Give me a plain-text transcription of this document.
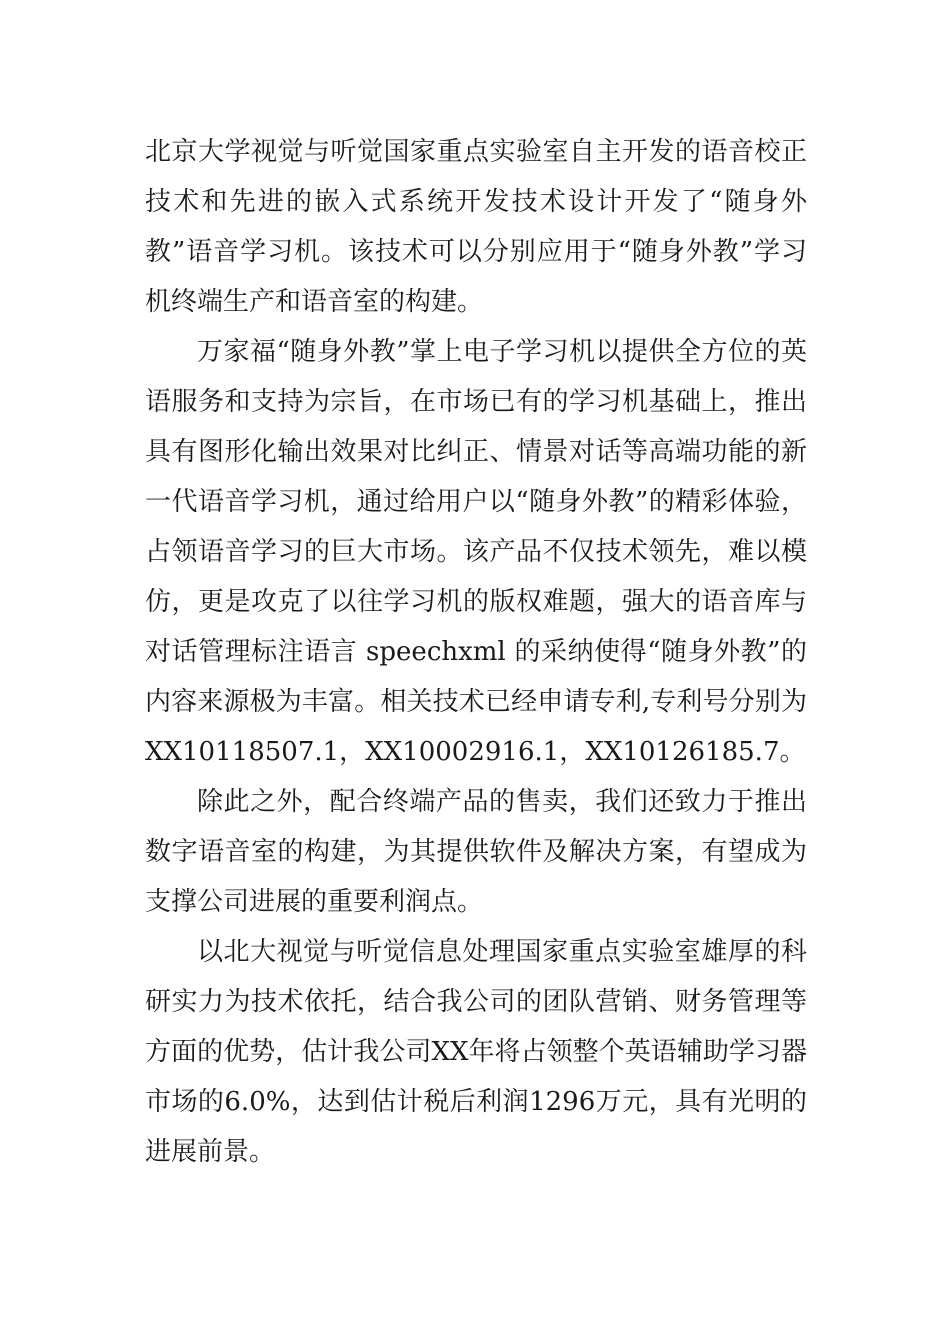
北京大学视觉与听觉国家重点实验室自主开发的语音校正技术和先进的嵌入式系统开发技术设计开发了“随身外教”语音学习机。该技术可以分别应用于“随身外教”学习机终端生产和语音室的构建。

万家福“随身外教”掌上电子学习机以提供全方位的英语服务和支持为宗旨，在市场已有的学习机基础上，推出具有图形化输出效果对比纠正、情景对话等高端功能的新一代语音学习机，通过给用户以“随身外教”的精彩体验，占领语音学习的巨大市场。该产品不仅技术领先，难以模仿，更是攻克了以往学习机的版权难题，强大的语音库与对话管理标注语言 speechxml 的采纳使得“随身外教”的内容来源极为丰富。相关技术已经申请专利,专利号分别为XX10118507.1，XX10002916.1，XX10126185.7。

除此之外，配合终端产品的售卖，我们还致力于推出数字语音室的构建，为其提供软件及解决方案，有望成为支撑公司进展的重要利润点。

以北大视觉与听觉信息处理国家重点实验室雄厚的科研实力为技术依托，结合我公司的团队营销、财务管理等方面的优势，估计我公司XX年将占领整个英语辅助学习器市场的6.0%，达到估计税后利润1296万元，具有光明的进展前景。
